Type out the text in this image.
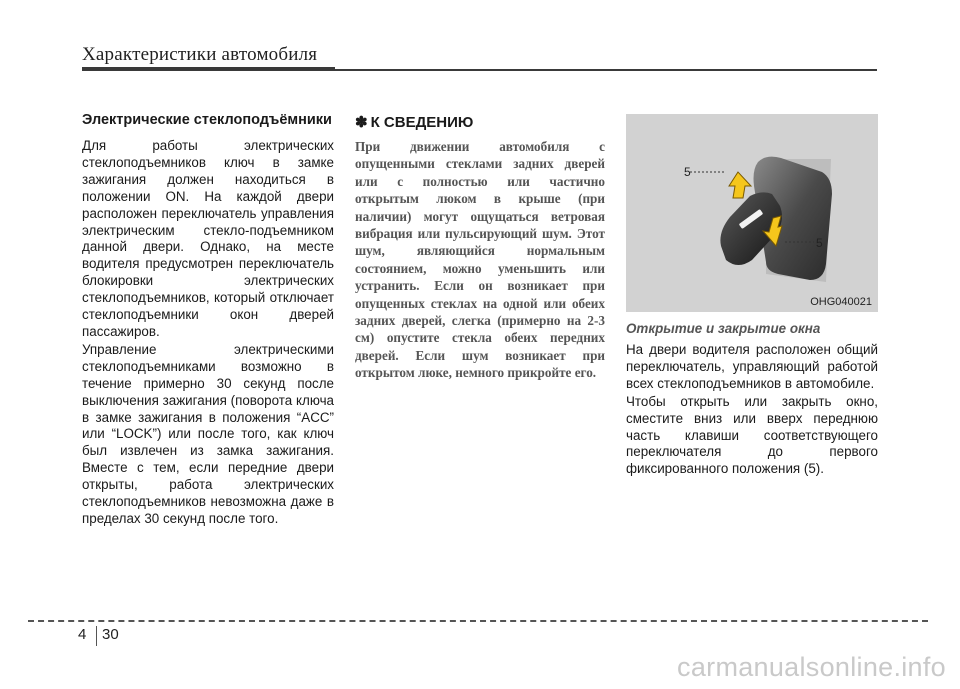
Характеристики автомобиля
Электрические стеклоподъёмники

Для работы электрических стеклоподъемников ключ в замке зажигания должен находиться в положении ON. На каждой двери расположен переключатель управления электрическим стекло-подъемником данной двери. Однако, на месте водителя предусмотрен переключатель блокировки электрических стеклоподъемников, который отключает стеклоподъемники окон дверей пассажиров.

Управление электрическими стеклоподъемниками возможно в течение примерно 30 секунд после выключения зажигания (поворота ключа в замке зажигания в положения “ACC” или “LOCK”) или после того, как ключ был извлечен из замка зажигания. Вместе с тем, если передние двери открыты, работа электрических стеклоподъемников невозможна даже в пределах 30 секунд после того.

✽ К СВЕДЕНИЮ

При движении автомобиля с опущенными стеклами задних дверей или с полностью или частично открытым люком в крыше (при наличии) могут ощущаться ветровая вибрация или пульсирующий шум. Этот шум, являющийся нормальным состоянием, можно уменьшить или устранить. Если он возникает при опущенных стеклах на одной или обеих задних дверей, слегка (примерно на 2-3 см) опустите стекла обеих передних дверей. Если шум возникает при открытом люке, немного прикройте его.

5
5
OHG040021
Открытие и закрытие окна

На двери водителя расположен общий переключатель, управляющий работой всех стеклоподъемников в автомобиле.

Чтобы открыть или закрыть окно, сместите вниз или вверх переднюю часть клавиши соответствующего переключателя до первого фиксированного положения (5).

4 30
carmanualsonline.info
